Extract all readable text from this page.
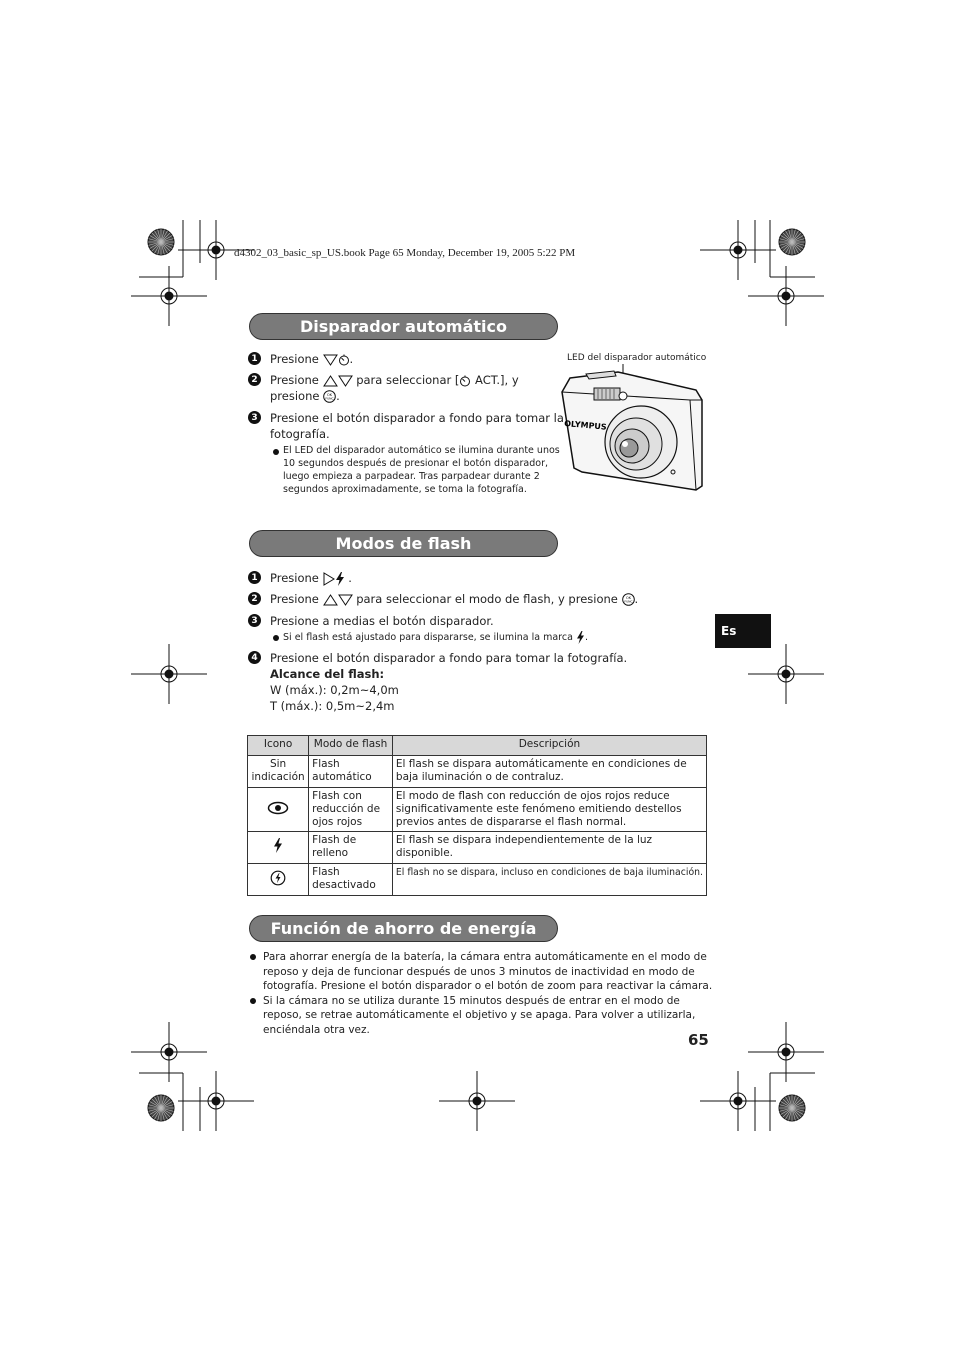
d4302_03_basic_sp_US.book Page 65 Monday, December 19, 2005 5:22 PM
Disparador automático
1 Presione	.
2 Presione	para seleccionar [ ACT.], y
presione OK
FUNC .
3 Presione el botón disparador a fondo para tomar la
fotografía.
El LED del disparador automático se ilumina durante unos
10 segundos después de presionar el botón disparador,
luego empieza a parpadear. Tras parpadear durante 2
segundos aproximadamente, se toma la fotografía.
LED del disparador automático
OLYMPUS
Modos de flash
1 Presione	.
2 Presione	para seleccionar el modo de flash, y presione OK
FUNC .
3 Presione a medias el botón disparador.
Si el flash está ajustado para dispararse, se ilumina la marca .
4 Presione el botón disparador a fondo para tomar la fotografía.
Alcance del flash:
W (máx.): 0,2m~4,0m
T (máx.): 0,5m~2,4m
Icono	Modo de flash	Descripción
Sin indicación	Flash automático	El flash se dispara automáticamente en condiciones de baja iluminación o de contraluz.
	Flash con reducción de ojos rojos	El modo de flash con reducción de ojos rojos reduce significativamente este fenómeno emitiendo destellos previos antes de dispararse el flash normal.
	Flash de relleno	El flash se dispara independientemente de la luz disponible.
	Flash desactivado	El flash no se dispara, incluso en condiciones de baja iluminación.
Función de ahorro de energía
Para ahorrar energía de la batería, la cámara entra automáticamente en el modo de reposo y deja de funcionar después de unos 3 minutos de inactividad en modo de fotografía. Presione el botón disparador o el botón de zoom para reactivar la cámara.
Si la cámara no se utiliza durante 15 minutos después de entrar en el modo de reposo, se retrae automáticamente el objetivo y se apaga. Para volver a utilizarla, enciéndala otra vez.
Es
65
